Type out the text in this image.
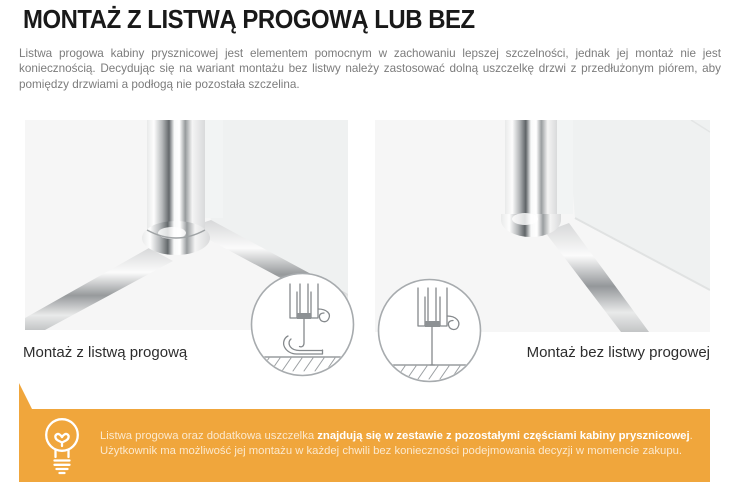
MONTAŻ Z LISTWĄ PROGOWĄ LUB BEZ

Listwa progowa kabiny prysznicowej jest elementem pomocnym w zachowaniu lepszej szczelności, jednak jej montaż nie jest koniecznością. Decydując się na wariant montażu bez listwy należy zastosować dolną uszczelkę drzwi z przedłużonym piórem, aby pomiędzy drzwiami a podłogą nie pozostała szczelina.

Montaż z listwą progową	Montaż bez listwy progowej
Listwa progowa oraz dodatkowa uszczelka znajdują się w zestawie z pozostałymi częściami kabiny prysznicowej.
Użytkownik ma możliwość jej montażu w każdej chwili bez konieczności podejmowania decyzji w momencie zakupu.
